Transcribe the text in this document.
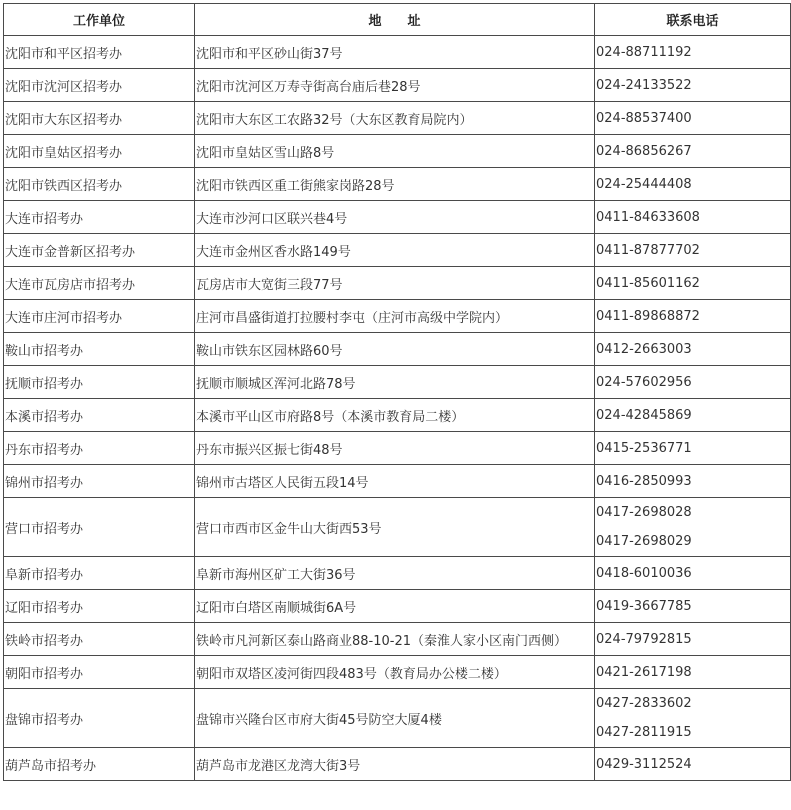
工作单位	地 址	联系电话
沈阳市和平区招考办	沈阳市和平区砂山街37号	024-88711192
沈阳市沈河区招考办	沈阳市沈河区万寿寺街高台庙后巷28号	024-24133522
沈阳市大东区招考办	沈阳市大东区工农路32号（大东区教育局院内）	024-88537400
沈阳市皇姑区招考办	沈阳市皇姑区雪山路8号	024-86856267
沈阳市铁西区招考办	沈阳市铁西区重工街熊家岗路28号	024-25444408
大连市招考办	大连市沙河口区联兴巷4号	0411-84633608
大连市金普新区招考办	大连市金州区香水路149号	0411-87877702
大连市瓦房店市招考办	瓦房店市大宽街三段77号	0411-85601162
大连市庄河市招考办	庄河市昌盛街道打拉腰村李屯（庄河市高级中学院内）	0411-89868872
鞍山市招考办	鞍山市铁东区园林路60号	0412-2663003
抚顺市招考办	抚顺市顺城区浑河北路78号	024-57602956
本溪市招考办	本溪市平山区市府路8号（本溪市教育局二楼）	024-42845869
丹东市招考办	丹东市振兴区振七街48号	0415-2536771
锦州市招考办	锦州市古塔区人民街五段14号	0416-2850993
营口市招考办	营口市西市区金牛山大街西53号	0417-2698028
0417-2698029

阜新市招考办	阜新市海州区矿工大街36号	0418-6010036
辽阳市招考办	辽阳市白塔区南顺城街6A号	0419-3667785
铁岭市招考办	铁岭市凡河新区泰山路商业88-10-21（秦淮人家小区南门西侧）	024-79792815
朝阳市招考办	朝阳市双塔区凌河街四段483号（教育局办公楼二楼）	0421-2617198
盘锦市招考办	盘锦市兴隆台区市府大街45号防空大厦4楼	0427-2833602
0427-2811915

葫芦岛市招考办	葫芦岛市龙港区龙湾大街3号	0429-3112524
